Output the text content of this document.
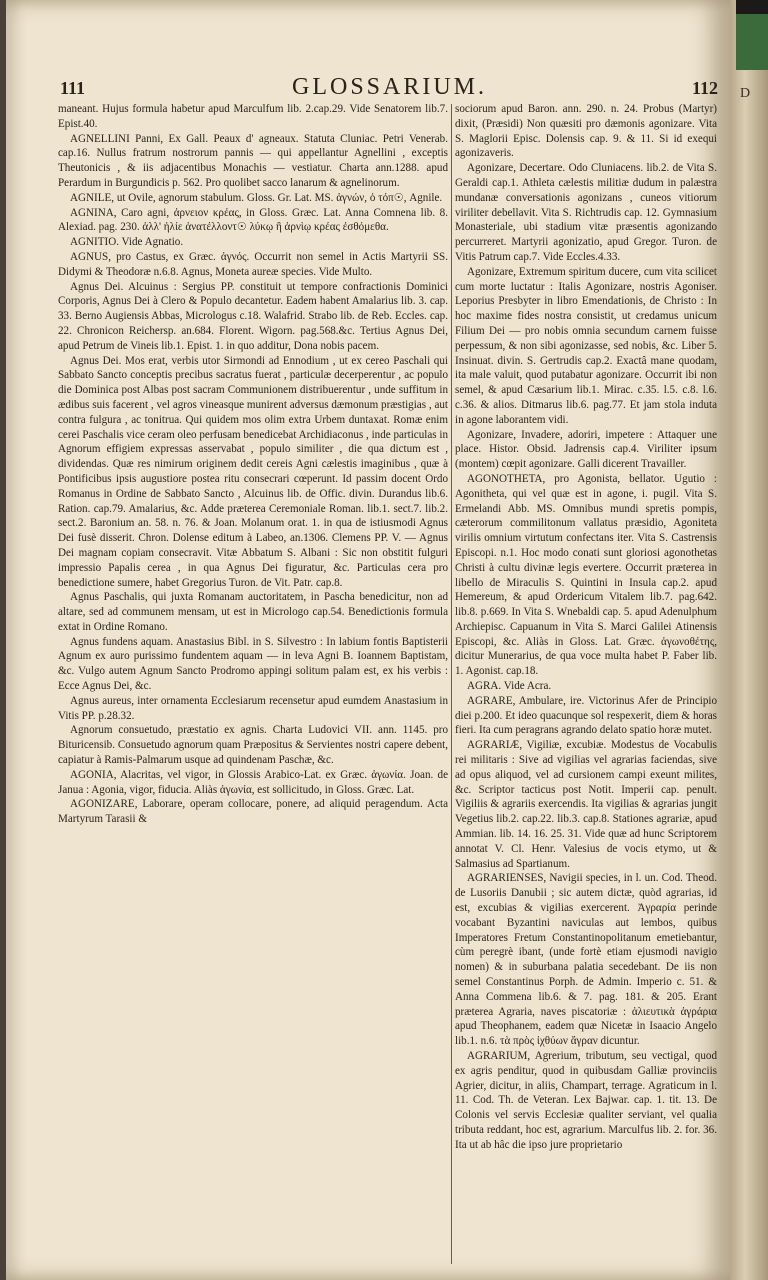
D
111	GLOSSARIUM.	112

maneant. Hujus formula habetur apud Marculfum lib. 2.cap.29. Vide Senatorem lib.7. Epist.40.

AGNELLINI Panni, Ex Gall. Peaux d' agneaux. Statuta Cluniac. Petri Venerab. cap.16. Nullus fratrum nostrorum pannis — qui appellantur Agnellini , exceptis Theutonicis , & iis adjacentibus Monachis — vestiatur. Charta ann.1288. apud Perardum in Burgundicis p. 562. Pro quolibet sacco lanarum & agnelinorum.

AGNILE, ut Ovile, agnorum stabulum. Gloss. Gr. Lat. MS. ἀγνών, ὁ τόπ☉, Agnile.

AGNINA, Caro agni, ἀρνειον κρέας, in Gloss. Græc. Lat. Anna Comnena lib. 8. Alexiad. pag. 230. ἀλλ' ἠλίε ἀνατέλλοντ☉ λύκῳ ἢ ἀρνὶῳ κρέας ἐσθόμεθα.

AGNITIO. Vide Agnatio.

AGNUS, pro Castus, ex Græc. ἁγνός. Occurrit non semel in Actis Martyrii SS. Didymi & Theodoræ n.6.8. Agnus, Moneta aureæ species. Vide Multo.

Agnus Dei. Alcuinus : Sergius PP. constituit ut tempore confractionis Dominici Corporis, Agnus Dei à Clero & Populo decantetur. Eadem habent Amalarius lib. 3. cap. 33. Berno Augiensis Abbas, Micrologus c.18. Walafrid. Strabo lib. de Reb. Eccles. cap. 22. Chronicon Reichersp. an.684. Florent. Wigorn. pag.568.&c. Tertius Agnus Dei, apud Petrum de Vineis lib.1. Epist. 1. in quo additur, Dona nobis pacem.

Agnus Dei. Mos erat, verbis utor Sirmondi ad Ennodium , ut ex cereo Paschali qui Sabbato Sancto conceptis precibus sacratus fuerat , particulæ decerperentur , ac populo die Dominica post Albas post sacram Communionem distribuerentur , unde suffitum in ædibus suis facerent , vel agros vineasque munirent adversus dæmonum præstigias , aut contra fulgura , ac tonitrua. Qui quidem mos olim extra Urbem duntaxat. Romæ enim cerei Paschalis vice ceram oleo perfusam benedicebat Archidiaconus , inde particulas in Agnorum effigiem expressas asservabat , populo similiter , die qua dictum est , dividendas. Quæ res nimirum originem dedit cereis Agni cælestis imaginibus , quæ à Pontificibus ipsis augustiore postea ritu consecrari cœperunt. Id passim docent Ordo Romanus in Ordine de Sabbato Sancto , Alcuinus lib. de Offic. divin. Durandus lib.6. Ration. cap.79. Amalarius, &c. Adde præterea Ceremoniale Roman. lib.1. sect.7. lib.2. sect.2. Baronium an. 58. n. 76. & Joan. Molanum orat. 1. in qua de istiusmodi Agnus Dei fusè disserit. Chron. Dolense editum à Labeo, an.1306. Clemens PP. V. — Agnus Dei magnam copiam consecravit. Vitæ Abbatum S. Albani : Sic non obstitit fulguri impressio Papalis cerea , in qua Agnus Dei figuratur, &c. Particulas cera pro benedictione sumere, habet Gregorius Turon. de Vit. Patr. cap.8.

Agnus Paschalis, qui juxta Romanam auctoritatem, in Pascha benedicitur, non ad altare, sed ad communem mensam, ut est in Micrologo cap.54. Benedictionis formula extat in Ordine Romano.

Agnus fundens aquam. Anastasius Bibl. in S. Silvestro : In labium fontis Baptisterii Agnum ex auro purissimo fundentem aquam — in leva Agni B. Ioannem Baptistam, &c. Vulgo autem Agnum Sancto Prodromo appingi solitum palam est, ex his verbis : Ecce Agnus Dei, &c.

Agnus aureus, inter ornamenta Ecclesiarum recensetur apud eumdem Anastasium in Vitis PP. p.28.32.

Agnorum consuetudo, præstatio ex agnis. Charta Ludovici VII. ann. 1145. pro Bituricensib. Consuetudo agnorum quam Præpositus & Servientes nostri capere debent, capiatur à Ramis-Palmarum usque ad quindenam Paschæ, &c.

AGONIA, Alacritas, vel vigor, in Glossis Arabico-Lat. ex Græc. ἀγωνία. Joan. de Janua : Agonia, vigor, fiducia. Aliàs ἀγωνία, est sollicitudo, in Gloss. Græc. Lat.

AGONIZARE, Laborare, operam collocare, ponere, ad aliquid peragendum. Acta Martyrum Tarasii &

sociorum apud Baron. ann. 290. n. 24. Probus (Martyr) dixit, (Præsidi) Non quæsiti pro dæmonis agonizare. Vita S. Maglorii Episc. Dolensis cap. 9. & 11. Si id exequi agonizaveris.

Agonizare, Decertare. Odo Cluniacens. lib.2. de Vita S. Geraldi cap.1. Athleta cælestis militiæ dudum in palæstra mundanæ conversationis agonizans , cuneos vitiorum viriliter debellavit. Vita S. Richtrudis cap. 12. Gymnasium Monasteriale, ubi stadium vitæ præsentis agonizando percurreret. Martyrii agonizatio, apud Gregor. Turon. de Vitis Patrum cap.7. Vide Eccles.4.33.

Agonizare, Extremum spiritum ducere, cum vita scilicet cum morte luctatur : Italis Agonizare, nostris Agoniser. Leporius Presbyter in libro Emendationis, de Christo : In hoc maxime fides nostra consistit, ut credamus unicum Filium Dei — pro nobis omnia secundum carnem fuisse perpessum, & non sibi agonizasse, sed nobis, &c. Liber 5. Insinuat. divin. S. Gertrudis cap.2. Exactâ mane quodam, ita male valuit, quod putabatur agonizare. Occurrit ibi non semel, & apud Cæsarium lib.1. Mirac. c.35. l.5. c.8. l.6. c.36. & alios. Ditmarus lib.6. pag.77. Et jam stola induta in agone laborantem vidi.

Agonizare, Invadere, adoriri, impetere : Attaquer une place. Histor. Obsid. Jadrensis cap.4. Viriliter ipsum (montem) cœpit agonizare. Galli dicerent Travailler.

AGONOTHETA, pro Agonista, bellator. Ugutio : Agonitheta, qui vel quæ est in agone, i. pugil. Vita S. Ermelandi Abb. MS. Omnibus mundi spretis pompis, cæterorum commilitonum vallatus præsidio, Agoniteta virilis omnium virtutum confectans iter. Vita S. Castrensis Episcopi. n.1. Hoc modo conati sunt gloriosi agonothetas Christi à cultu divinæ legis evertere. Occurrit præterea in libello de Miraculis S. Quintini in Insula cap.2. apud Hemereum, & apud Ordericum Vitalem lib.7. pag.642. lib.8. p.669. In Vita S. Wnebaldi cap. 5. apud Adenulphum Archiepisc. Capuanum in Vita S. Marci Galilei Atinensis Episcopi, &c. Aliàs in Gloss. Lat. Græc. ἀγωνοθέτης, dicitur Munerarius, de qua voce multa habet P. Faber lib. 1. Agonist. cap.18.

AGRA. Vide Acra.

AGRARE, Ambulare, ire. Victorinus Afer de Principio diei p.200. Et ideo quacunque sol respexerit, diem & horas fieri. Ita cum peragrans agrando delato spatio horæ mutet.

AGRARIÆ, Vigiliæ, excubiæ. Modestus de Vocabulis rei militaris : Sive ad vigilias vel agrarias faciendas, sive ad opus aliquod, vel ad cursionem campi exeunt milites, &c. Scriptor tacticus post Notit. Imperii cap. penult. Vigiliis & agrariis exercendis. Ita vigilias & agrarias jungit Vegetius lib.2. cap.22. lib.3. cap.8. Stationes agrariæ, apud Ammian. lib. 14. 16. 25. 31. Vide quæ ad hunc Scriptorem annotat V. Cl. Henr. Valesius de vocis etymo, ut & Salmasius ad Spartianum.

AGRARIENSES, Navigii species, in l. un. Cod. Theod. de Lusoriis Danubii ; sic autem dictæ, quòd agrarias, id est, excubias & vigilias exercerent. Ἀγραρία perinde vocabant Byzantini naviculas aut lembos, quibus Imperatores Fretum Constantinopolitanum emetiebantur, cùm peregrè ibant, (unde fortè etiam ejusmodi navigio nomen) & in suburbana palatia secedebant. De iis non semel Constantinus Porph. de Admin. Imperio c. 51. & Anna Commena lib.6. & 7. pag. 181. & 205. Erant præterea Agraria, naves piscatoriæ : ἁλιευτικὰ ἀγράρια apud Theophanem, eadem quæ Nicetæ in Isaacio Angelo lib.1. n.6. τὰ πρὸς ἰχθύων ἄγραν dicuntur.

AGRARIUM, Agrerium, tributum, seu vectigal, quod ex agris penditur, quod in quibusdam Galliæ provinciis Agrier, dicitur, in aliis, Champart, terrage. Agraticum in l. 11. Cod. Th. de Veteran. Lex Bajwar. cap. 1. tit. 13. De Colonis vel servis Ecclesiæ qualiter serviant, vel qualia tributa reddant, hoc est, agrarium. Marculfus lib. 2. for. 36. Ita ut ab hâc die ipso jure proprietario
